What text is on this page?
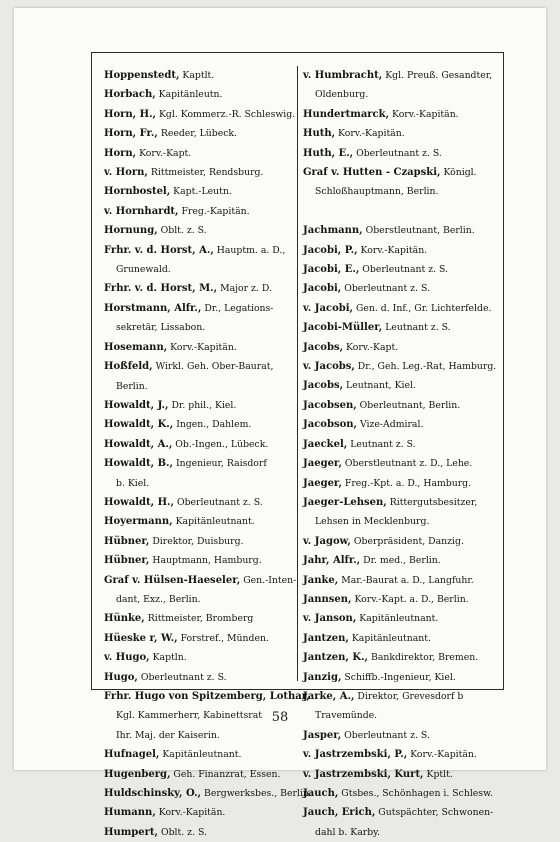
Hoppenstedt, Kaptlt.
Horbach, Kapitänleutn.
Horn, H., Kgl. Kommerz.-R. Schleswig.
Horn, Fr., Reeder, Lübeck.
Horn, Korv.-Kapt.
v. Horn, Rittmeister, Rendsburg.
Hornbostel, Kapt.-Leutn.
v. Hornhardt, Freg.-Kapitän.
Hornung, Oblt. z. S.
Frhr. v. d. Horst, A., Hauptm. a. D.,
Grunewald.
Frhr. v. d. Horst, M., Major z. D.
Horstmann, Alfr., Dr., Legations-
sekretär, Lissabon.
Hosemann, Korv.-Kapitän.
Hoßfeld, Wirkl. Geh. Ober-Baurat,
Berlin.
Howaldt, J., Dr. phil., Kiel.
Howaldt, K., Ingen., Dahlem.
Howaldt, A., Ob.-Ingen., Lübeck.
Howaldt, B., Ingenieur, Raisdorf
b. Kiel.
Howaldt, H., Oberleutnant z. S.
Hoyermann, Kapitänleutnant.
Hübner, Direktor, Duisburg.
Hübner, Hauptmann, Hamburg.
Graf v. Hülsen-Haeseler, Gen.-Inten-
dant, Exz., Berlin.
Hünke, Rittmeister, Bromberg
Hüeske r, W., Forstref., Münden.
v. Hugo, Kaptln.
Hugo, Oberleutnant z. S.
Frhr. Hugo von Spitzemberg, Lothar,
Kgl. Kammerherr, Kabinettsrat
Ihr. Maj. der Kaiserin.
Hufnagel, Kapitänleutnant.
Hugenberg, Geh. Finanzrat, Essen.
Huldschinsky, O., Bergwerksbes., Berlin.
Humann, Korv.-Kapitän.
Humpert, Oblt. z. S.
v. Humbracht, Kgl. Preuß. Gesandter,
Oldenburg.
Hundertmarck, Korv.-Kapitän.
Huth, Korv.-Kapitän.
Huth, E., Oberleutnant z. S.
Graf v. Hutten - Czapski, Königl.
Schloßhauptmann, Berlin.
Jachmann, Oberstleutnant, Berlin.
Jacobi, P., Korv.-Kapitän.
Jacobi, E., Oberleutnant z. S.
Jacobi, Oberleutnant z. S.
v. Jacobi, Gen. d. Inf., Gr. Lichterfelde.
Jacobi-Müller, Leutnant z. S.
Jacobs, Korv.-Kapt.
v. Jacobs, Dr., Geh. Leg.-Rat, Hamburg.
Jacobs, Leutnant, Kiel.
Jacobsen, Oberleutnant, Berlin.
Jacobson, Vize-Admiral.
Jaeckel, Leutnant z. S.
Jaeger, Oberstleutnant z. D., Lehe.
Jaeger, Freg.-Kpt. a. D., Hamburg.
Jaeger-Lehsen, Rittergutsbesitzer,
Lehsen in Mecklenburg.
v. Jagow, Oberpräsident, Danzig.
Jahr, Alfr., Dr. med., Berlin.
Janke, Mar.-Baurat a. D., Langfuhr.
Jannsen, Korv.-Kapt. a. D., Berlin.
v. Janson, Kapitänleutnant.
Jantzen, Kapitänleutnant.
Jantzen, K., Bankdirektor, Bremen.
Janzig, Schiffb.-Ingenieur, Kiel.
Jarke, A., Direktor, Grevesdorf b
Travemünde.
Jasper, Oberleutnant z. S.
v. Jastrzembski, P., Korv.-Kapitän.
v. Jastrzembski, Kurt, Kptlt.
Jauch, Gtsbes., Schönhagen i. Schlesw.
Jauch, Erich, Gutspächter, Schwonen-
dahl b. Karby.
58
